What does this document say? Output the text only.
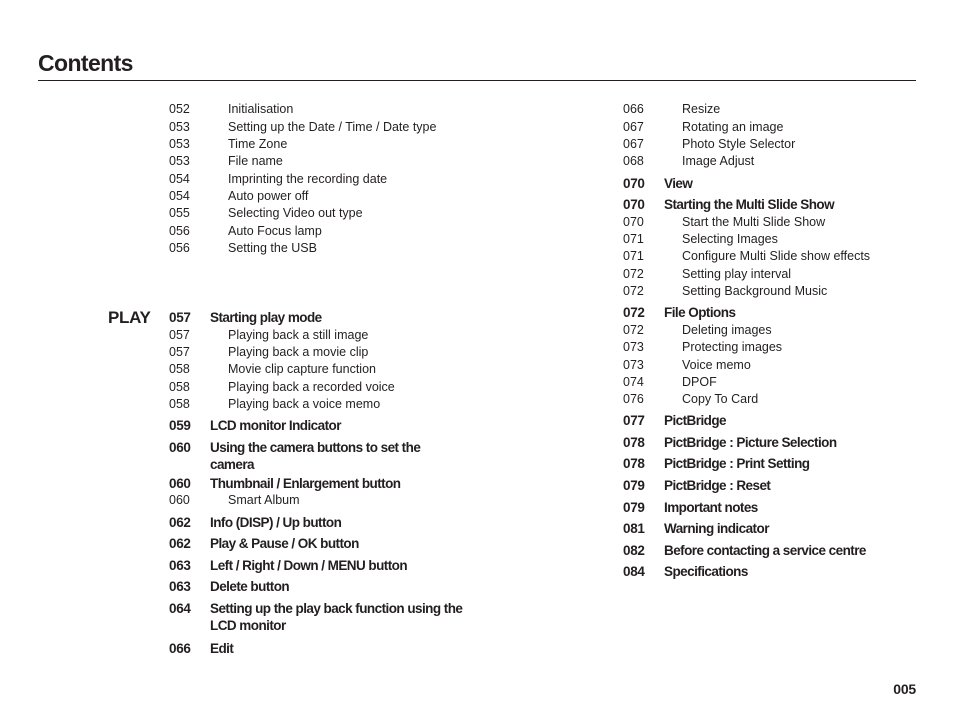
Contents
PLAY
052	Initialisation
053	Setting up the Date / Time / Date type
053	Time Zone
053	File name
054	Imprinting the recording date
054	Auto power off
055	Selecting Video out type
056	Auto Focus lamp
056	Setting the USB
057 Starting play mode
057	Playing back a still image
057	Playing back a movie clip
058	Movie clip capture function
058	Playing back a recorded voice
058	Playing back a voice memo
059 LCD monitor Indicator
060 Using the camera buttons to set the camera
060 Thumbnail / Enlargement button
060	Smart Album
062 Info (DISP) / Up button
062 Play & Pause / OK button
063 Left / Right / Down / MENU button
063 Delete button
064 Setting up the play back function using the LCD monitor
066 Edit
066	Resize
067	Rotating an image
067	Photo Style Selector
068	Image Adjust
070 View
070 Starting the Multi Slide Show
070	Start the Multi Slide Show
071	Selecting Images
071	Configure Multi Slide show effects
072	Setting play interval
072	Setting Background Music
072 File Options
072	Deleting images
073	Protecting images
073	Voice memo
074	DPOF
076	Copy To Card
077 PictBridge
078 PictBridge : Picture Selection
078 PictBridge : Print Setting
079 PictBridge : Reset
079 Important notes
081 Warning indicator
082 Before contacting a service centre
084 Specifications
005
